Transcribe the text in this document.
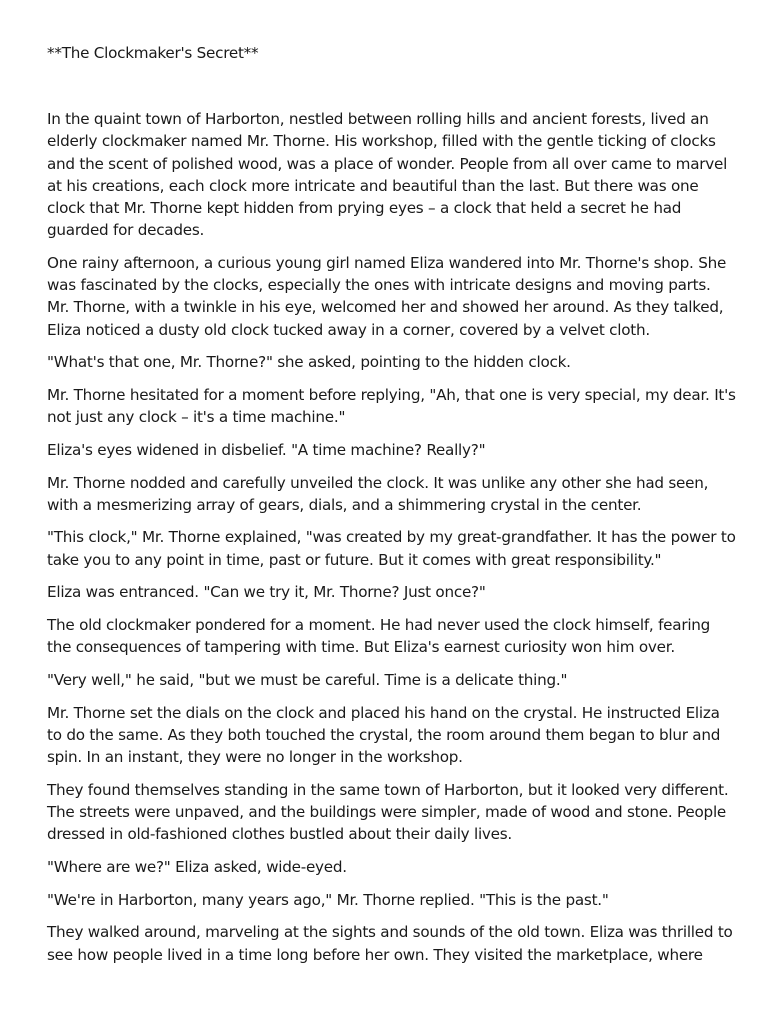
**The Clockmaker's Secret**

In the quaint town of Harborton, nestled between rolling hills and ancient forests, lived an elderly clockmaker named Mr. Thorne. His workshop, filled with the gentle ticking of clocks and the scent of polished wood, was a place of wonder. People from all over came to marvel at his creations, each clock more intricate and beautiful than the last. But there was one clock that Mr. Thorne kept hidden from prying eyes – a clock that held a secret he had guarded for decades.

One rainy afternoon, a curious young girl named Eliza wandered into Mr. Thorne's shop. She was fascinated by the clocks, especially the ones with intricate designs and moving parts. Mr. Thorne, with a twinkle in his eye, welcomed her and showed her around. As they talked, Eliza noticed a dusty old clock tucked away in a corner, covered by a velvet cloth.

"What's that one, Mr. Thorne?" she asked, pointing to the hidden clock.

Mr. Thorne hesitated for a moment before replying, "Ah, that one is very special, my dear. It's not just any clock – it's a time machine."

Eliza's eyes widened in disbelief. "A time machine? Really?"

Mr. Thorne nodded and carefully unveiled the clock. It was unlike any other she had seen, with a mesmerizing array of gears, dials, and a shimmering crystal in the center.

"This clock," Mr. Thorne explained, "was created by my great-grandfather. It has the power to take you to any point in time, past or future. But it comes with great responsibility."

Eliza was entranced. "Can we try it, Mr. Thorne? Just once?"

The old clockmaker pondered for a moment. He had never used the clock himself, fearing the consequences of tampering with time. But Eliza's earnest curiosity won him over.

"Very well," he said, "but we must be careful. Time is a delicate thing."

Mr. Thorne set the dials on the clock and placed his hand on the crystal. He instructed Eliza to do the same. As they both touched the crystal, the room around them began to blur and spin. In an instant, they were no longer in the workshop.

They found themselves standing in the same town of Harborton, but it looked very different. The streets were unpaved, and the buildings were simpler, made of wood and stone. People dressed in old-fashioned clothes bustled about their daily lives.

"Where are we?" Eliza asked, wide-eyed.

"We're in Harborton, many years ago," Mr. Thorne replied. "This is the past."

They walked around, marveling at the sights and sounds of the old town. Eliza was thrilled to see how people lived in a time long before her own. They visited the marketplace, where
